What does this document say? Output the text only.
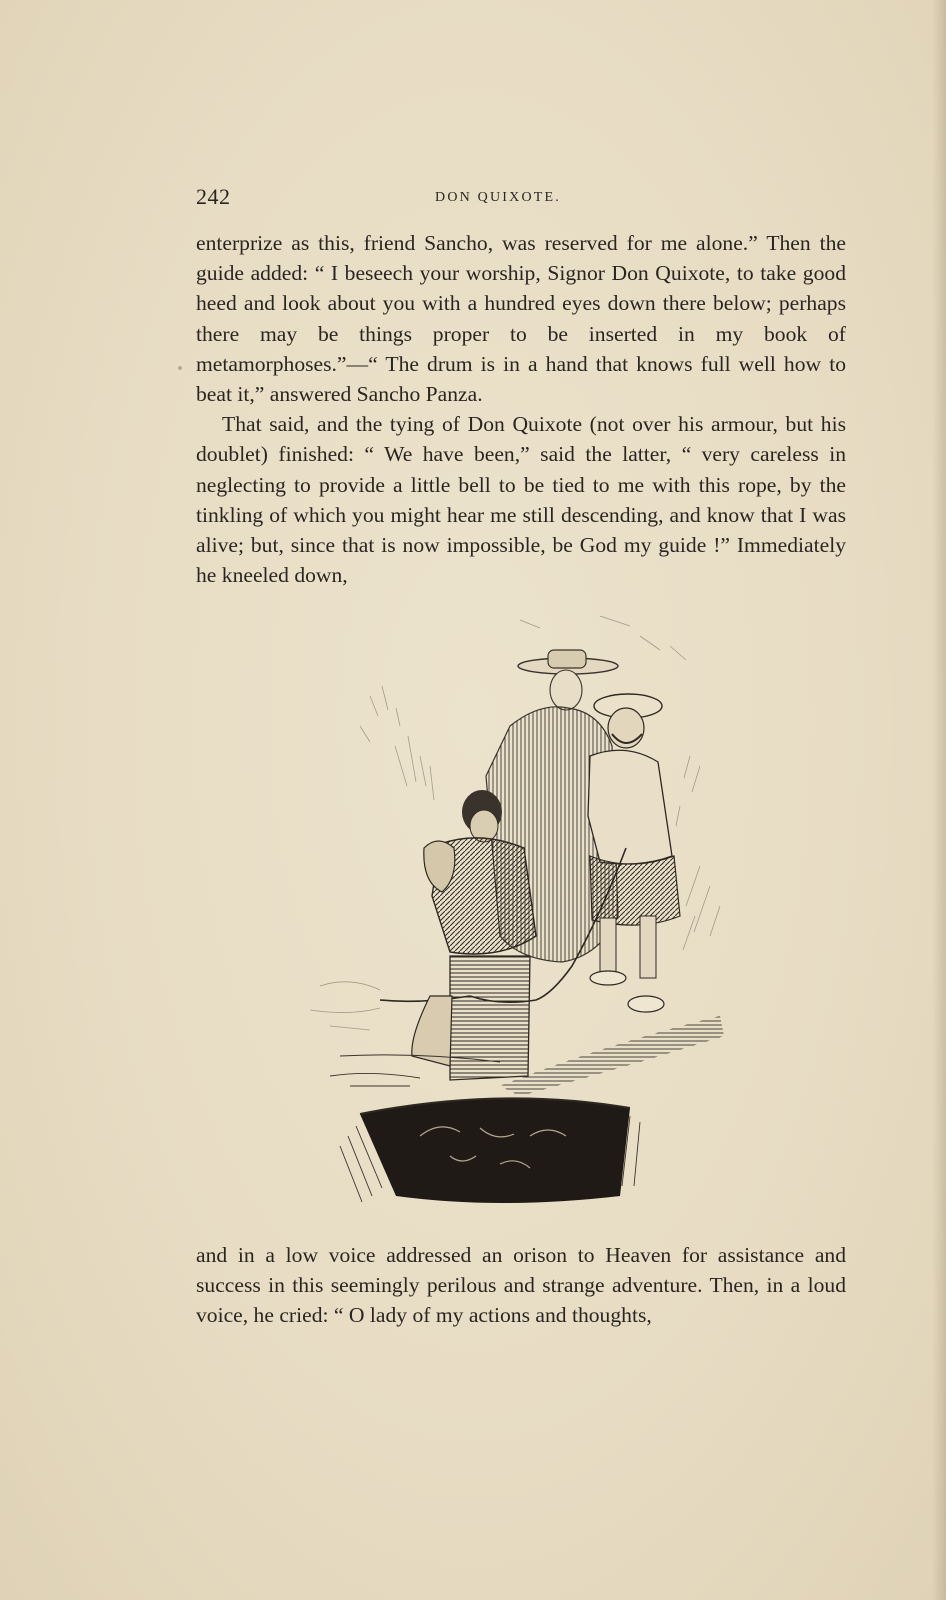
242	DON QUIXOTE.

enterprize as this, friend Sancho, was reserved for me alone.” Then the guide added: “ I beseech your worship, Signor Don Quixote, to take good heed and look about you with a hundred eyes down there below; perhaps there may be things proper to be inserted in my book of metamorphoses.”—“ The drum is in a hand that knows full well how to beat it,” answered Sancho Panza.

That said, and the tying of Don Quixote (not over his armour, but his doublet) finished: “ We have been,” said the latter, “ very careless in neglecting to provide a little bell to be tied to me with this rope, by the tinkling of which you might hear me still descending, and know that I was alive; but, since that is now impossible, be God my guide !” Immediately he kneeled down,

and in a low voice addressed an orison to Heaven for assistance and success in this seemingly perilous and strange adventure. Then, in a loud voice, he cried: “ O lady of my actions and thoughts,
